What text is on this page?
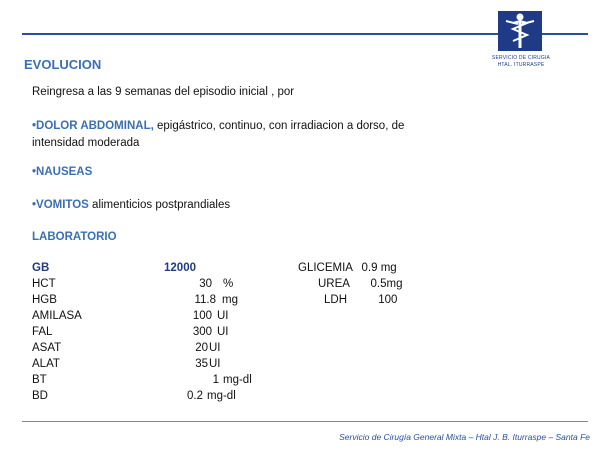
SERVICIO DE CIRUGIA
HTAL. ITURRASPE
EVOLUCION
Reingresa a las 9 semanas del episodio inicial , por
•DOLOR ABDOMINAL, epigástrico, continuo, con irradiacion a dorso, de
intensidad moderada
•NAUSEAS
•VOMITOS alimenticios postprandiales
LABORATORIO
GB	12000
HCT	30 %
HGB	11.8 mg
AMILASA	100 UI
FAL	300 UI
ASAT	20 UI
ALAT	35 UI
BT	1 mg-dl
BD	0.2 mg-dl
GLICEMIA 0.9 mg
UREA 0.5mg
LDH	100
Servicio de Cirugía General Mixta – Htal J. B. Iturraspe – Santa Fe
